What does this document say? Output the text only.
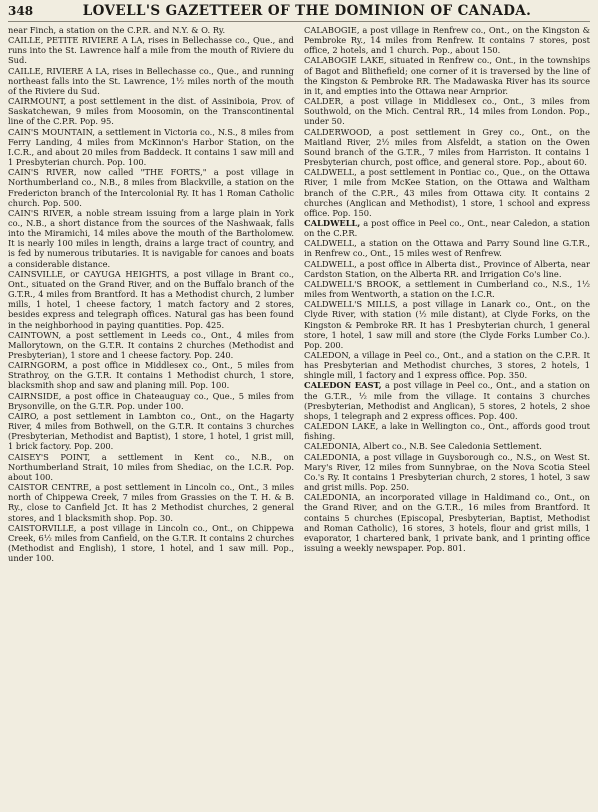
348	LOVELL'S GAZETTEER OF THE DOMINION OF CANADA.

near Finch, a station on the C.P.R. and N.Y. & O. Ry.

CAILLE, PETITE RIVIERE A LA, rises in Bellechasse co., Que., and runs into the St. Lawrence half a mile from the mouth of Riviere du Sud.

CAILLE, RIVIERE A LA, rises in Bellechasse co., Que., and running northeast falls into the St. Lawrence, 1½ miles north of the mouth of the Riviere du Sud.

CAIRMOUNT, a post settlement in the dist. of Assiniboia, Prov. of Saskatchewan, 9 miles from Moosomin, on the Transcontinental line of the C.P.R. Pop. 95.

CAIN'S MOUNTAIN, a settlement in Victoria co., N.S., 8 miles from Ferry Landing, 4 miles from McKinnon's Harbor Station, on the I.C.R., and about 20 miles from Baddeck. It contains 1 saw mill and 1 Presbyterian church. Pop. 100.

CAIN'S RIVER, now called "THE FORTS," a post village in Northumberland co., N.B., 8 miles from Blackville, a station on the Fredericton branch of the Intercolonial Ry. It has 1 Roman Catholic church. Pop. 500.

CAIN'S RIVER, a noble stream issuing from a large plain in York co., N.B., a short distance from the sources of the Nashwaak, falls into the Miramichi, 14 miles above the mouth of the Bartholomew. It is nearly 100 miles in length, drains a large tract of country, and is fed by numerous tributaries. It is navigable for canoes and boats a considerable distance.

CAINSVILLE, or CAYUGA HEIGHTS, a post village in Brant co., Ont., situated on the Grand River, and on the Buffalo branch of the G.T.R., 4 miles from Brantford. It has a Methodist church, 2 lumber mills, 1 hotel, 1 cheese factory, 1 match factory and 2 stores, besides express and telegraph offices. Natural gas has been found in the neighborhood in paying quantities. Pop. 425.

CAINTOWN, a post settlement in Leeds co., Ont., 4 miles from Mallorytown, on the G.T.R. It contains 2 churches (Methodist and Presbyterian), 1 store and 1 cheese factory. Pop. 240.

CAIRNGORM, a post office in Middlesex co., Ont., 5 miles from Strathroy, on the G.T.R. It contains 1 Methodist church, 1 store, blacksmith shop and saw and planing mill. Pop. 100.

CAIRNSIDE, a post office in Chateauguay co., Que., 5 miles from Brysonville, on the G.T.R. Pop. under 100.

CAIRO, a post settlement in Lambton co., Ont., on the Hagarty River, 4 miles from Bothwell, on the G.T.R. It contains 3 churches (Presbyterian, Methodist and Baptist), 1 store, 1 hotel, 1 grist mill, 1 brick factory. Pop. 200.

CAISEY'S POINT, a settlement in Kent co., N.B., on Northumberland Strait, 10 miles from Shediac, on the I.C.R. Pop. about 100.

CAISTOR CENTRE, a post settlement in Lincoln co., Ont., 3 miles north of Chippewa Creek, 7 miles from Grassies on the T. H. & B. Ry., close to Canfield Jct. It has 2 Methodist churches, 2 general stores, and 1 blacksmith shop. Pop. 30.

CAISTORVILLE, a post village in Lincoln co., Ont., on Chippewa Creek, 6½ miles from Canfield, on the G.T.R. It contains 2 churches (Methodist and English), 1 store, 1 hotel, and 1 saw mill. Pop., under 100.

CALABOGIE, a post village in Renfrew co., Ont., on the Kingston & Pembroke Ry., 14 miles from Renfrew. It contains 7 stores, post office, 2 hotels, and 1 church. Pop., about 150.

CALABOGIE LAKE, situated in Renfrew co., Ont., in the townships of Bagot and Blithefield; one corner of it is traversed by the line of the Kingston & Pembroke RR. The Madawaska River has its source in it, and empties into the Ottawa near Arnprior.

CALDER, a post village in Middlesex co., Ont., 3 miles from Southwold, on the Mich. Central RR., 14 miles from London. Pop., under 50.

CALDERWOOD, a post settlement in Grey co., Ont., on the Maitland River, 2½ miles from Alsfeldt, a station on the Owen Sound branch of the G.T.R., 7 miles from Harriston. It contains 1 Presbyterian church, post office, and general store. Pop., about 60.

CALDWELL, a post settlement in Pontiac co., Que., on the Ottawa River, 1 mile from McKee Station, on the Ottawa and Waltham branch of the C.P.R., 43 miles from Ottawa city. It contains 2 churches (Anglican and Methodist), 1 store, 1 school and express office. Pop. 150.

CALDWELL, a post office in Peel co., Ont., near Caledon, a station on the C.P.R.

CALDWELL, a station on the Ottawa and Parry Sound line G.T.R., in Renfrew co., Ont., 15 miles west of Renfrew.

CALDWELL, a post office in Alberta dist., Province of Alberta, near Cardston Station, on the Alberta RR. and Irrigation Co's line.

CALDWELL'S BROOK, a settlement in Cumberland co., N.S., 1½ miles from Wentworth, a station on the I.C.R.

CALDWELL'S MILLS, a post village in Lanark co., Ont., on the Clyde River, with station (½ mile distant), at Clyde Forks, on the Kingston & Pembroke RR. It has 1 Presbyterian church, 1 general store, 1 hotel, 1 saw mill and store (the Clyde Forks Lumber Co.). Pop. 200.

CALEDON, a village in Peel co., Ont., and a station on the C.P.R. It has Presbyterian and Methodist churches, 3 stores, 2 hotels, 1 shingle mill, 1 factory and 1 express office. Pop. 350.

CALEDON EAST, a post village in Peel co., Ont., and a station on the G.T.R., ½ mile from the village. It contains 3 churches (Presbyterian, Methodist and Anglican), 5 stores, 2 hotels, 2 shoe shops, 1 telegraph and 2 express offices. Pop. 400.

CALEDON LAKE, a lake in Wellington co., Ont., affords good trout fishing.

CALEDONIA, Albert co., N.B. See Caledonia Settlement.

CALEDONIA, a post village in Guysborough co., N.S., on West St. Mary's River, 12 miles from Sunnybrae, on the Nova Scotia Steel Co.'s Ry. It contains 1 Presbyterian church, 2 stores, 1 hotel, 3 saw and grist mills. Pop. 250.

CALEDONIA, an incorporated village in Haldimand co., Ont., on the Grand River, and on the G.T.R., 16 miles from Brantford. It contains 5 churches (Episcopal, Presbyterian, Baptist, Methodist and Roman Catholic), 16 stores, 3 hotels, flour and grist mills, 1 evaporator, 1 chartered bank, 1 private bank, and 1 printing office issuing a weekly newspaper. Pop. 801.
